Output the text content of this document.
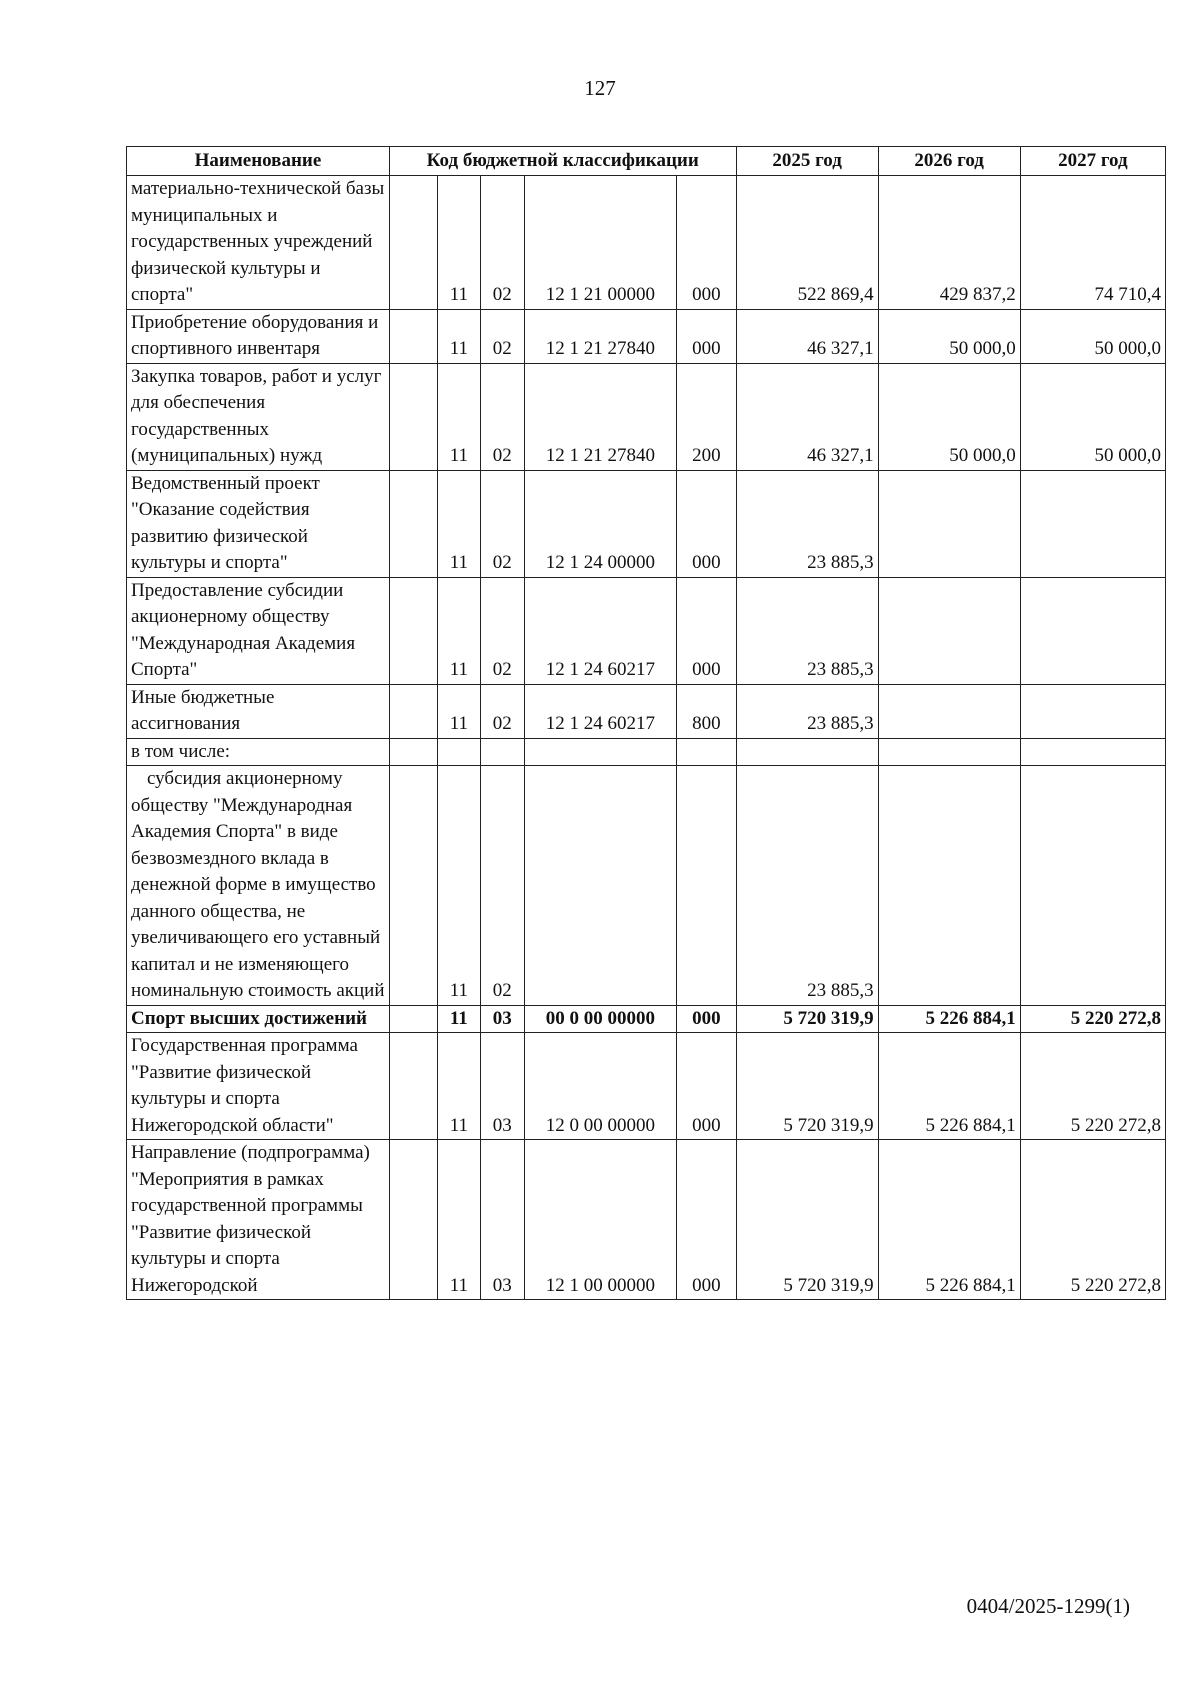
127
Наименование	Код бюджетной классификации					2025 год	2026 год	2027 год
материально-технической базы муниципальных и государственных учреждений физической культуры и спорта"		11	02	12 1 21 00000	000	522 869,4	429 837,2	74 710,4
Приобретение оборудования и спортивного инвентаря		11	02	12 1 21 27840	000	46 327,1	50 000,0	50 000,0
Закупка товаров, работ и услуг для обеспечения государственных (муниципальных) нужд		11	02	12 1 21 27840	200	46 327,1	50 000,0	50 000,0
Ведомственный проект "Оказание содействия развитию физической культуры и спорта"		11	02	12 1 24 00000	000	23 885,3		
Предоставление субсидии акционерному обществу "Международная Академия Спорта"		11	02	12 1 24 60217	000	23 885,3		
Иные бюджетные ассигнования		11	02	12 1 24 60217	800	23 885,3		
в том числе:								
субсидия акционерному обществу "Международная Академия Спорта" в виде безвозмездного вклада в денежной форме в имущество данного общества, не увеличивающего его уставный капитал и не изменяющего номинальную стоимость акций		11	02			23 885,3		
Спорт высших достижений		11	03	00 0 00 00000	000	5 720 319,9	5 226 884,1	5 220 272,8
Государственная программа "Развитие физической культуры и спорта Нижегородской области"		11	03	12 0 00 00000	000	5 720 319,9	5 226 884,1	5 220 272,8
Направление (подпрограмма) "Мероприятия в рамках государственной программы "Развитие физической культуры и спорта Нижегородской		11	03	12 1 00 00000	000	5 720 319,9	5 226 884,1	5 220 272,8
0404/2025-1299(1)
